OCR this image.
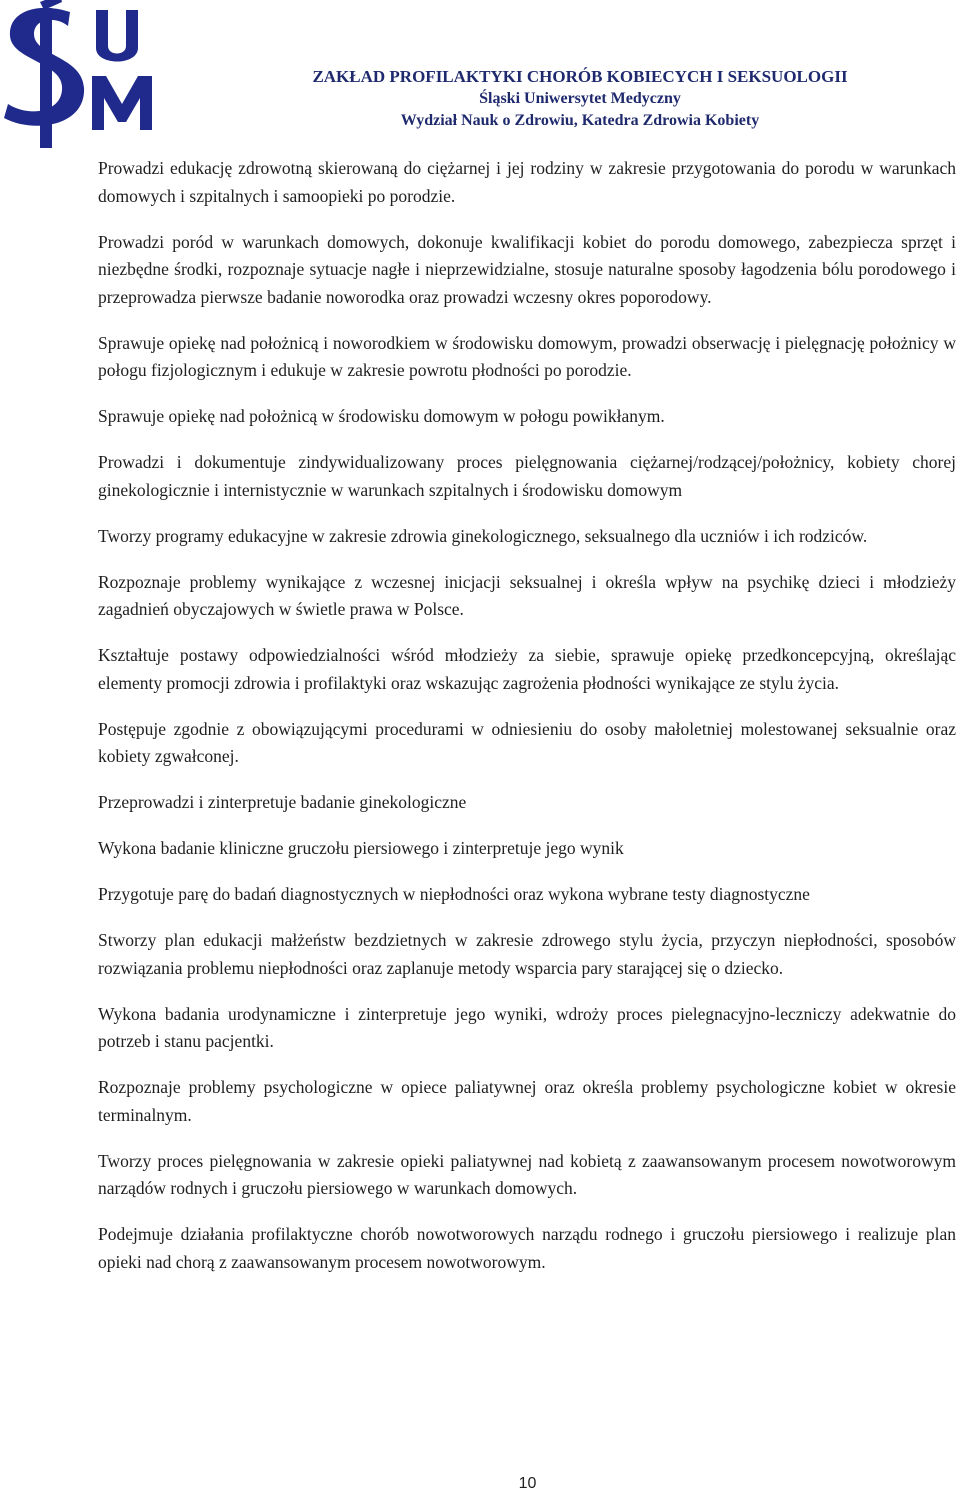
ZAKŁAD PROFILAKTYKI CHORÓB KOBIECYCH I SEKSUOLOGII
Śląski Uniwersytet Medyczny
Wydział Nauk o Zdrowiu, Katedra Zdrowia Kobiety

Prowadzi edukację zdrowotną skierowaną do ciężarnej i jej rodziny w zakresie przygotowania do porodu w warunkach domowych i szpitalnych i samoopieki po porodzie.

Prowadzi poród w warunkach domowych, dokonuje kwalifikacji kobiet do porodu domowego, zabezpiecza sprzęt i niezbędne środki, rozpoznaje sytuacje nagłe i nieprzewidzialne, stosuje naturalne sposoby łagodzenia bólu porodowego i przeprowadza pierwsze badanie noworodka oraz prowadzi wczesny okres poporodowy.

Sprawuje opiekę nad położnicą i noworodkiem w środowisku domowym, prowadzi obserwację i pielęgnację położnicy w połogu fizjologicznym i edukuje w zakresie powrotu płodności po porodzie.

Sprawuje opiekę nad położnicą w środowisku domowym w połogu powikłanym.

Prowadzi i dokumentuje zindywidualizowany proces pielęgnowania ciężarnej/rodzącej/położnicy, kobiety chorej ginekologicznie i internistycznie w warunkach szpitalnych i środowisku domowym

Tworzy programy edukacyjne w zakresie zdrowia ginekologicznego, seksualnego dla uczniów i ich rodziców.

Rozpoznaje problemy wynikające z wczesnej inicjacji seksualnej i określa wpływ na psychikę dzieci i młodzieży zagadnień obyczajowych w świetle prawa w Polsce.

Kształtuje postawy odpowiedzialności wśród młodzieży za siebie, sprawuje opiekę przedkoncepcyjną, określając elementy promocji zdrowia i profilaktyki oraz wskazując zagrożenia płodności wynikające ze stylu życia.

Postępuje zgodnie z obowiązującymi procedurami w odniesieniu do osoby małoletniej molestowanej seksualnie oraz kobiety zgwałconej.

Przeprowadzi i zinterpretuje badanie ginekologiczne

Wykona badanie kliniczne gruczołu piersiowego i zinterpretuje jego wynik

Przygotuje parę do badań diagnostycznych w niepłodności oraz wykona wybrane testy diagnostyczne

Stworzy plan edukacji małżeństw bezdzietnych w zakresie zdrowego stylu życia, przyczyn niepłodności, sposobów rozwiązania problemu niepłodności oraz zaplanuje metody wsparcia pary starającej się o dziecko.

Wykona badania urodynamiczne i zinterpretuje jego wyniki, wdroży proces pielegnacyjno-leczniczy adekwatnie do potrzeb i stanu pacjentki.

Rozpoznaje problemy psychologiczne w opiece paliatywnej oraz określa problemy psychologiczne kobiet w okresie terminalnym.

Tworzy proces pielęgnowania w zakresie opieki paliatywnej nad kobietą z zaawansowanym procesem nowotworowym narządów rodnych i gruczołu piersiowego w warunkach domowych.

Podejmuje działania profilaktyczne chorób nowotworowych narządu rodnego i gruczołu piersiowego i realizuje plan opieki nad chorą z zaawansowanym procesem nowotworowym.

10
